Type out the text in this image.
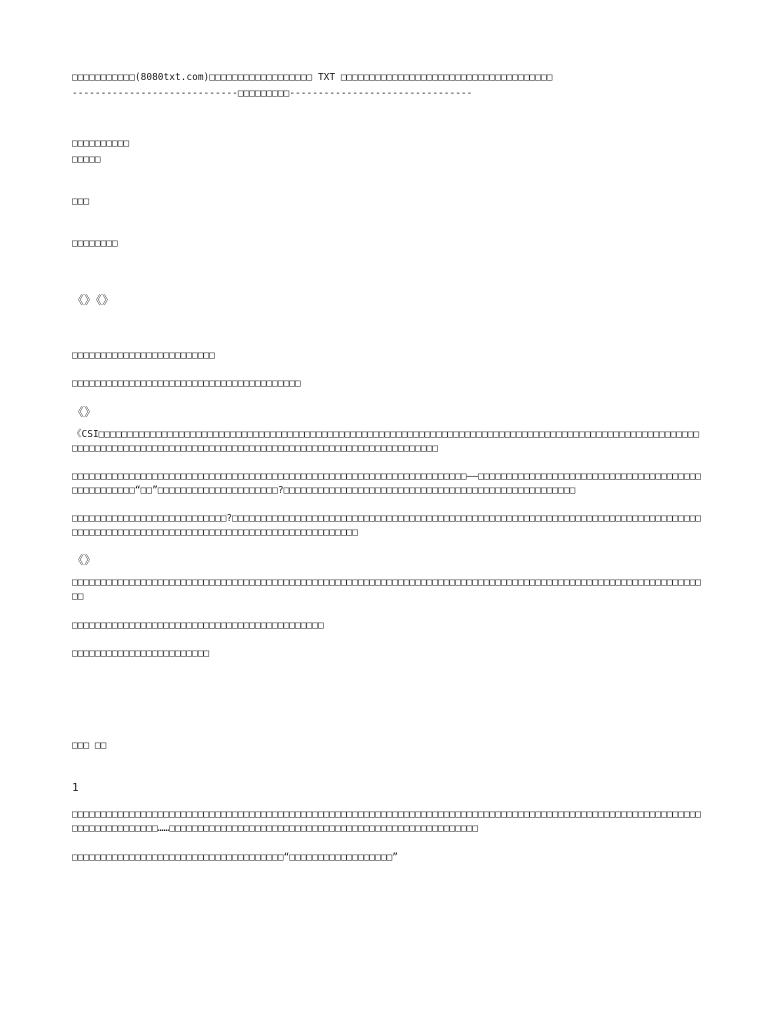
□□□□□□□□□□□(8080txt.com)□□□□□□□□□□□□□□□□□□ TXT □□□□□□□□□□□□□□□□□□□□□□□□□□□□□□□□□□□□□
-----------------------------□□□□□□□□□--------------------------------
□□□□□□□□□□
□□□□□
□□□
□□□□□□□□
《》《》
□□□□□□□□□□□□□□□□□□□□□□□□□
□□□□□□□□□□□□□□□□□□□□□□□□□□□□□□□□□□□□□□□□
《》
《CSI□□□□□□□□□□□□□□□□□□□□□□□□□□□□□□□□□□□□□□□□□□□□□□□□□□□□□□□□□□□□□□□□□□□□□□□□□□□□□□□□□□□□□□□□□□□□□□□□□□□□□□□□□□□□□□□□□□□□□□□□□□□□□□□□□□□□□□□□□□□□□□□□□□□□□□□□□□□□□□□□□□□□□□□□□
□□□□□□□□□□□□□□□□□□□□□□□□□□□□□□□□□□□□□□□□□□□□□□□□□□□□□□□□□□□□□□□□□□□□□——□□□□□□□□□□□□□□□□□□□□□□□□□□□□□□□□□□□□□□□□□□□□□□□□□□“□□”□□□□□□□□□□□□□□□□□□□□□?□□□□□□□□□□□□□□□□□□□□□□□□□□□□□□□□□□□□□□□□□□□□□□□□□□□
□□□□□□□□□□□□□□□□□□□□□□□□□□□?□□□□□□□□□□□□□□□□□□□□□□□□□□□□□□□□□□□□□□□□□□□□□□□□□□□□□□□□□□□□□□□□□□□□□□□□□□□□□□□□□□□□□□□□□□□□□□□□□□□□□□□□□□□□□□□□□□□□□□□□□□□□□□□□□□□□
《》
□□□□□□□□□□□□□□□□□□□□□□□□□□□□□□□□□□□□□□□□□□□□□□□□□□□□□□□□□□□□□□□□□□□□□□□□□□□□□□□□□□□□□□□□□□□□□□□□□□□□□□□□□□□□□□□□
□□□□□□□□□□□□□□□□□□□□□□□□□□□□□□□□□□□□□□□□□□□□
□□□□□□□□□□□□□□□□□□□□□□□□
□□□ □□
1
□□□□□□□□□□□□□□□□□□□□□□□□□□□□□□□□□□□□□□□□□□□□□□□□□□□□□□□□□□□□□□□□□□□□□□□□□□□□□□□□□□□□□□□□□□□□□□□□□□□□□□□□□□□□□□□□□□□□□□□□□□□□□……□□□□□□□□□□□□□□□□□□□□□□□□□□□□□□□□□□□□□□□□□□□□□□□□□□□□□□
□□□□□□□□□□□□□□□□□□□□□□□□□□□□□□□□□□□□□“□□□□□□□□□□□□□□□□□□”
